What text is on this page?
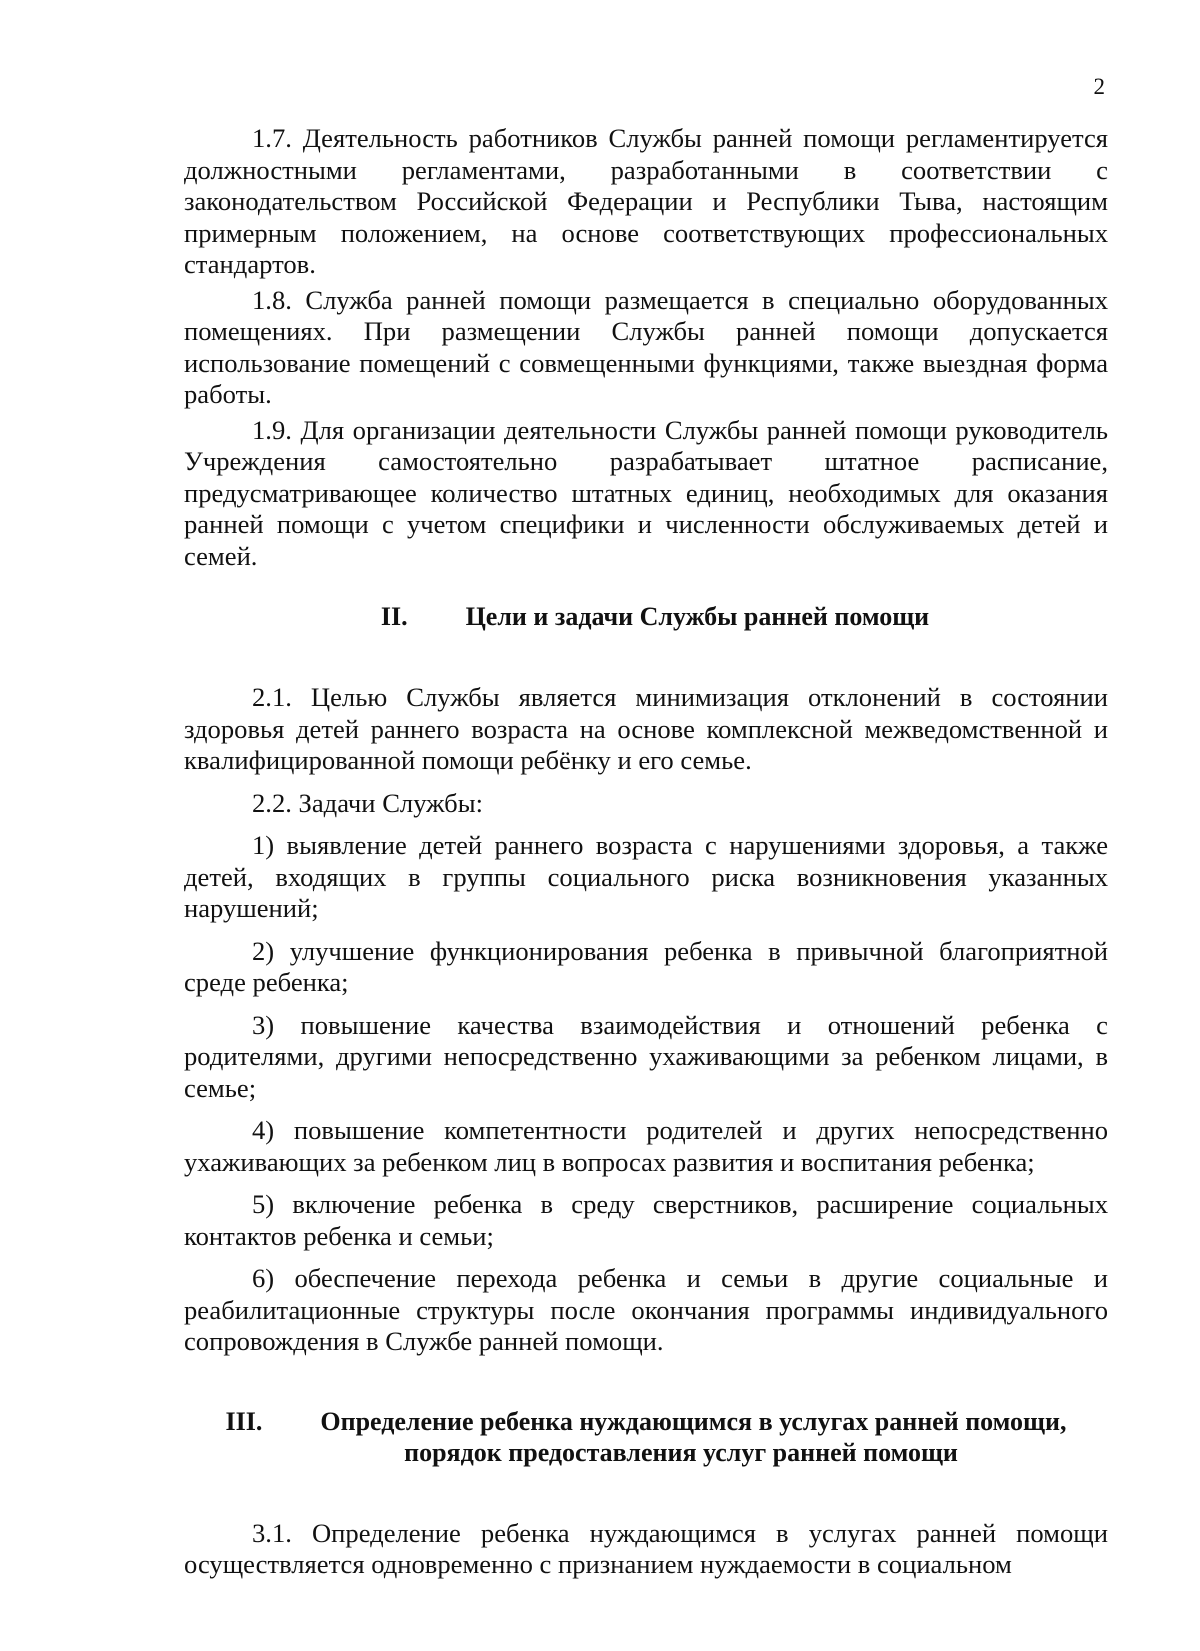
2

1.7. Деятельность работников Службы ранней помощи регламентируется должностными регламентами, разработанными в соответствии с законодательством Российской Федерации и Республики Тыва, настоящим примерным положением, на основе соответствующих профессиональных стандартов.

1.8. Служба ранней помощи размещается в специально оборудованных помещениях. При размещении Службы ранней помощи допускается использование помещений с совмещенными функциями, также выездная форма работы.

1.9. Для организации деятельности Службы ранней помощи руководитель Учреждения самостоятельно разрабатывает штатное расписание, предусматривающее количество штатных единиц, необходимых для оказания ранней помощи с учетом специфики и численности обслуживаемых детей и семей.

II. Цели и задачи Службы ранней помощи

2.1. Целью Службы является минимизация отклонений в состоянии здоровья детей раннего возраста на основе комплексной межведомственной и квалифицированной помощи ребёнку и его семье.

2.2. Задачи Службы:

1) выявление детей раннего возраста с нарушениями здоровья, а также детей, входящих в группы социального риска возникновения указанных нарушений;

2) улучшение функционирования ребенка в привычной благоприятной среде ребенка;

3) повышение качества взаимодействия и отношений ребенка с родителями, другими непосредственно ухаживающими за ребенком лицами, в семье;

4) повышение компетентности родителей и других непосредственно ухаживающих за ребенком лиц в вопросах развития и воспитания ребенка;

5) включение ребенка в среду сверстников, расширение социальных контактов ребенка и семьи;

6) обеспечение перехода ребенка и семьи в другие социальные и реабилитационные структуры после окончания программы индивидуального сопровождения в Службе ранней помощи.

III. Определение ребенка нуждающимся в услугах ранней помощи,
порядок предоставления услуг ранней помощи

3.1. Определение ребенка нуждающимся в услугах ранней помощи осуществляется одновременно с признанием нуждаемости в социальном
